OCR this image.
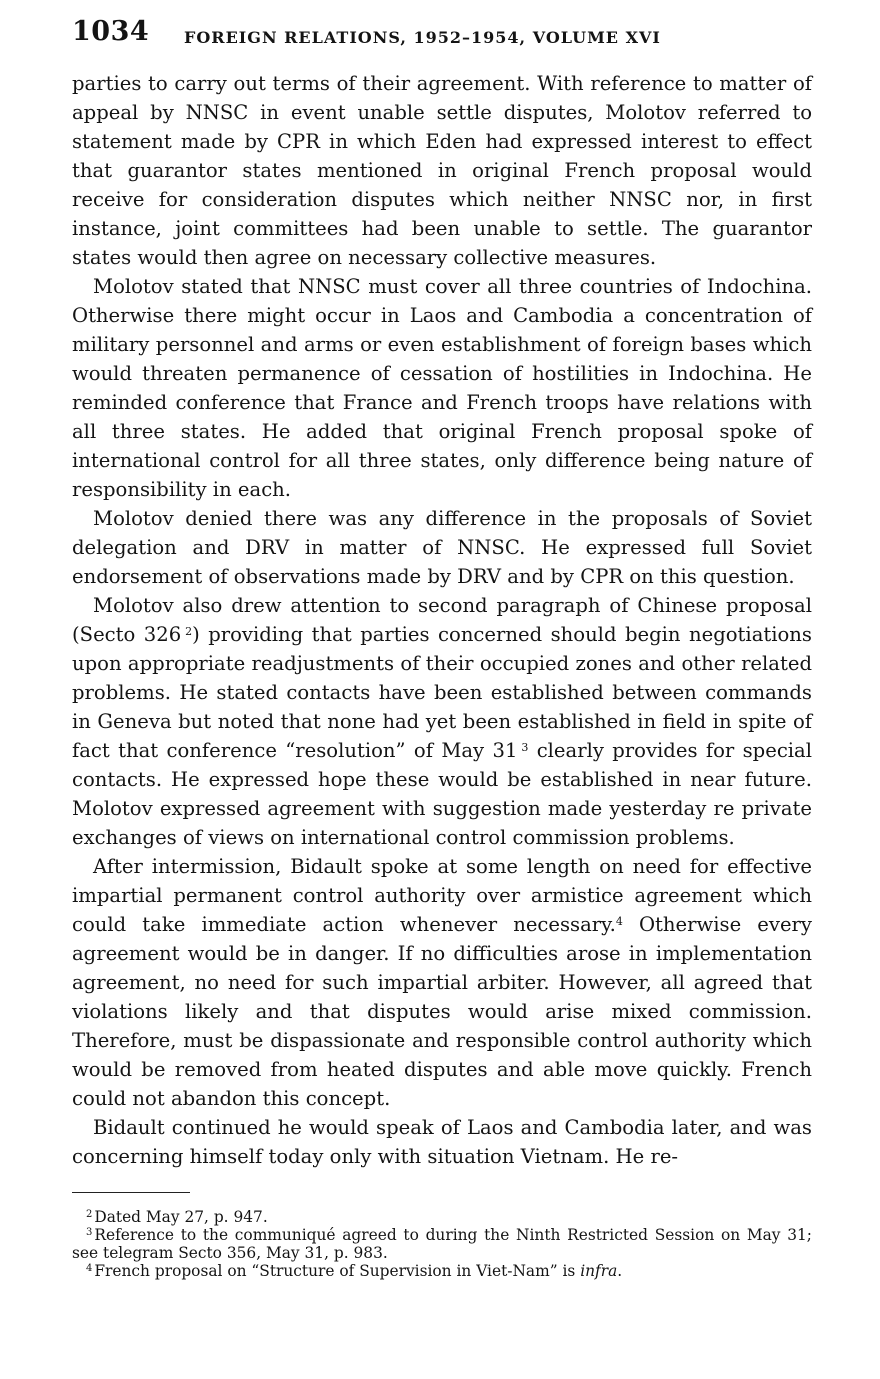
1034 FOREIGN RELATIONS, 1952–1954, VOLUME XVI

parties to carry out terms of their agreement. With reference to matter of appeal by NNSC in event unable settle disputes, Molotov referred to statement made by CPR in which Eden had expressed interest to effect that guarantor states mentioned in original French proposal would receive for consideration disputes which neither NNSC nor, in first instance, joint committees had been unable to settle. The guarantor states would then agree on necessary collective measures.

Molotov stated that NNSC must cover all three countries of Indochina. Otherwise there might occur in Laos and Cambodia a concentration of military personnel and arms or even establishment of foreign bases which would threaten permanence of cessation of hostilities in Indochina. He reminded conference that France and French troops have relations with all three states. He added that original French proposal spoke of international control for all three states, only difference being nature of responsibility in each.

Molotov denied there was any difference in the proposals of Soviet delegation and DRV in matter of NNSC. He expressed full Soviet endorsement of observations made by DRV and by CPR on this question.

Molotov also drew attention to second paragraph of Chinese proposal (Secto 326  $^2$) providing that parties concerned should begin negotiations upon appropriate readjustments of their occupied zones and other related problems. He stated contacts have been established between commands in Geneva but noted that none had yet been established in field in spite of fact that conference “resolution” of May 31  $^3$ clearly provides for special contacts. He expressed hope these would be established in near future. Molotov expressed agreement with suggestion made yesterday re private exchanges of views on international control commission problems.

After intermission, Bidault spoke at some length on need for effective impartial permanent control authority over armistice agreement which could take immediate action whenever necessary.$^4$ Otherwise every agreement would be in danger. If no difficulties arose in implementation agreement, no need for such impartial arbiter. However, all agreed that violations likely and that disputes would arise mixed commission. Therefore, must be dispassionate and responsible control authority which would be removed from heated disputes and able move quickly. French could not abandon this concept.

Bidault continued he would speak of Laos and Cambodia later, and was concerning himself today only with situation Vietnam. He re-

$^2$ Dated May 27, p. 947.

$^3$ Reference to the communiqué agreed to during the Ninth Restricted Session on May 31; see telegram Secto 356, May 31, p. 983.

$^4$ French proposal on “Structure of Supervision in Viet-Nam” is infra.
